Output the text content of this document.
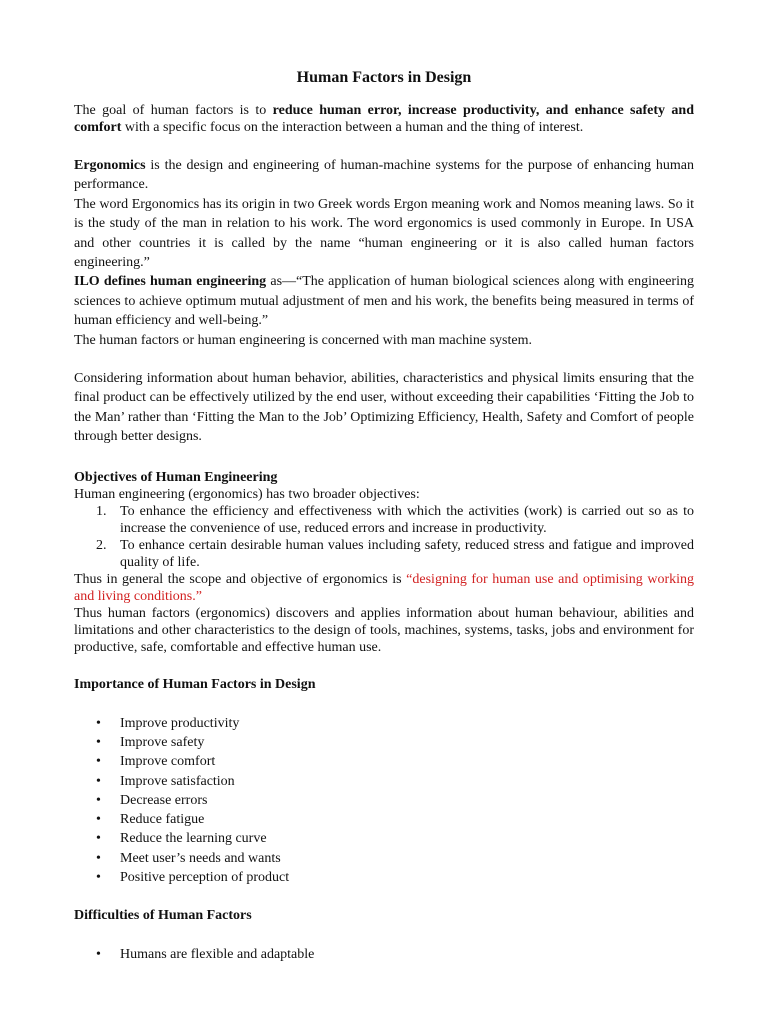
Human Factors in Design

The goal of human factors is to reduce human error, increase productivity, and enhance safety and comfort with a specific focus on the interaction between a human and the thing of interest.

Ergonomics is the design and engineering of human-machine systems for the purpose of enhancing human performance.

The word Ergonomics has its origin in two Greek words Ergon meaning work and Nomos meaning laws. So it is the study of the man in relation to his work. The word ergonomics is used commonly in Europe. In USA and other countries it is called by the name “human engineering or it is also called human factors engineering.”

ILO defines human engineering as—“The application of human biological sciences along with engineering sciences to achieve optimum mutual adjustment of men and his work, the benefits being measured in terms of human efficiency and well-being.”

The human factors or human engineering is concerned with man machine system.

Considering information about human behavior, abilities, characteristics and physical limits ensuring that the final product can be effectively utilized by the end user, without exceeding their capabilities ‘Fitting the Job to the Man’ rather than ‘Fitting the Man to the Job’ Optimizing Efficiency, Health, Safety and Comfort of people through better designs.

Objectives of Human Engineering

Human engineering (ergonomics) has two broader objectives:

1. To enhance the efficiency and effectiveness with which the activities (work) is carried out so as to increase the convenience of use, reduced errors and increase in productivity.
2. To enhance certain desirable human values including safety, reduced stress and fatigue and improved quality of life.

Thus in general the scope and objective of ergonomics is “designing for human use and optimising working and living conditions.”

Thus human factors (ergonomics) discovers and applies information about human behaviour, abilities and limitations and other characteristics to the design of tools, machines, systems, tasks, jobs and environment for productive, safe, comfortable and effective human use.

Importance of Human Factors in Design
• Improve productivity
• Improve safety
• Improve comfort
• Improve satisfaction
• Decrease errors
• Reduce fatigue
• Reduce the learning curve
• Meet user’s needs and wants
• Positive perception of product
Difficulties of Human Factors
• Humans are flexible and adaptable
